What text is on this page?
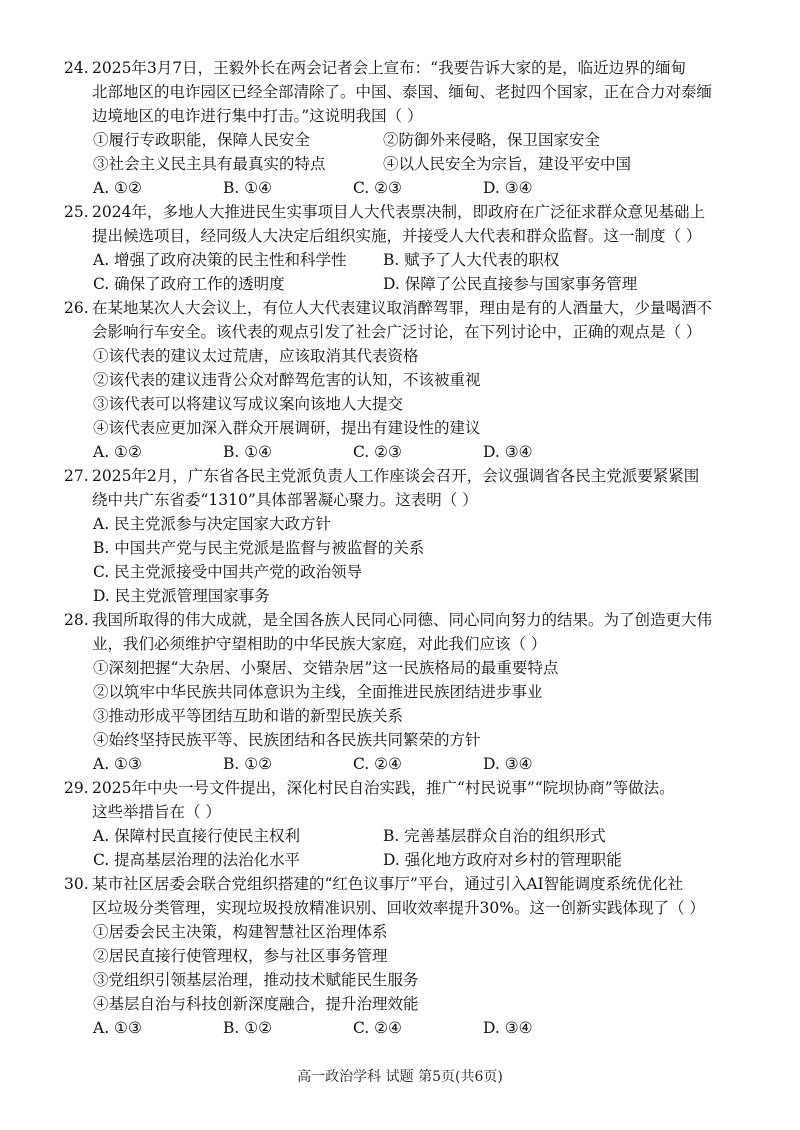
24. 2025年3月7日，王毅外长在两会记者会上宣布：“我要告诉大家的是，临近边界的缅甸
北部地区的电诈园区已经全部清除了。中国、泰国、缅甸、老挝四个国家，正在合力对泰缅
边境地区的电诈进行集中打击。”这说明我国（ ）
①履行专政职能，保障人民安全	②防御外来侵略，保卫国家安全
③社会主义民主具有最真实的特点	④以人民安全为宗旨，建设平安中国
A. ①②	B. ①④	C. ②③	D. ③④
25. 2024年，多地人大推进民生实事项目人大代表票决制，即政府在广泛征求群众意见基础上
提出候选项目，经同级人大决定后组织实施，并接受人大代表和群众监督。这一制度（ ）
A. 增强了政府决策的民主性和科学性	B. 赋予了人大代表的职权
C. 确保了政府工作的透明度	D. 保障了公民直接参与国家事务管理
26. 在某地某次人大会议上，有位人大代表建议取消醉驾罪，理由是有的人酒量大，少量喝酒不
会影响行车安全。该代表的观点引发了社会广泛讨论，在下列讨论中，正确的观点是（ ）
①该代表的建议太过荒唐，应该取消其代表资格
②该代表的建议违背公众对醉驾危害的认知，不该被重视
③该代表可以将建议写成议案向该地人大提交
④该代表应更加深入群众开展调研，提出有建设性的建议
A. ①②	B. ①④	C. ②③	D. ③④
27. 2025年2月，广东省各民主党派负责人工作座谈会召开，会议强调省各民主党派要紧紧围
绕中共广东省委“1310”具体部署凝心聚力。这表明（ ）
A. 民主党派参与决定国家大政方针
B. 中国共产党与民主党派是监督与被监督的关系
C. 民主党派接受中国共产党的政治领导
D. 民主党派管理国家事务
28. 我国所取得的伟大成就，是全国各族人民同心同德、同心同向努力的结果。为了创造更大伟
业，我们必须维护守望相助的中华民族大家庭，对此我们应该（ ）
①深刻把握“大杂居、小聚居、交错杂居”这一民族格局的最重要特点
②以筑牢中华民族共同体意识为主线，全面推进民族团结进步事业
③推动形成平等团结互助和谐的新型民族关系
④始终坚持民族平等、民族团结和各民族共同繁荣的方针
A. ①③	B. ①②	C. ②④	D. ③④
29. 2025年中央一号文件提出，深化村民自治实践，推广“村民说事”“院坝协商”等做法。
这些举措旨在（ ）
A. 保障村民直接行使民主权利	B. 完善基层群众自治的组织形式
C. 提高基层治理的法治化水平	D. 强化地方政府对乡村的管理职能
30. 某市社区居委会联合党组织搭建的“红色议事厅”平台，通过引入AI智能调度系统优化社
区垃圾分类管理，实现垃圾投放精准识别、回收效率提升30%。这一创新实践体现了（ ）
①居委会民主决策，构建智慧社区治理体系
②居民直接行使管理权，参与社区事务管理
③党组织引领基层治理，推动技术赋能民生服务
④基层自治与科技创新深度融合，提升治理效能
A. ①③	B. ①②	C. ②④	D. ③④
高一政治学科 试题 第5页(共6页)
